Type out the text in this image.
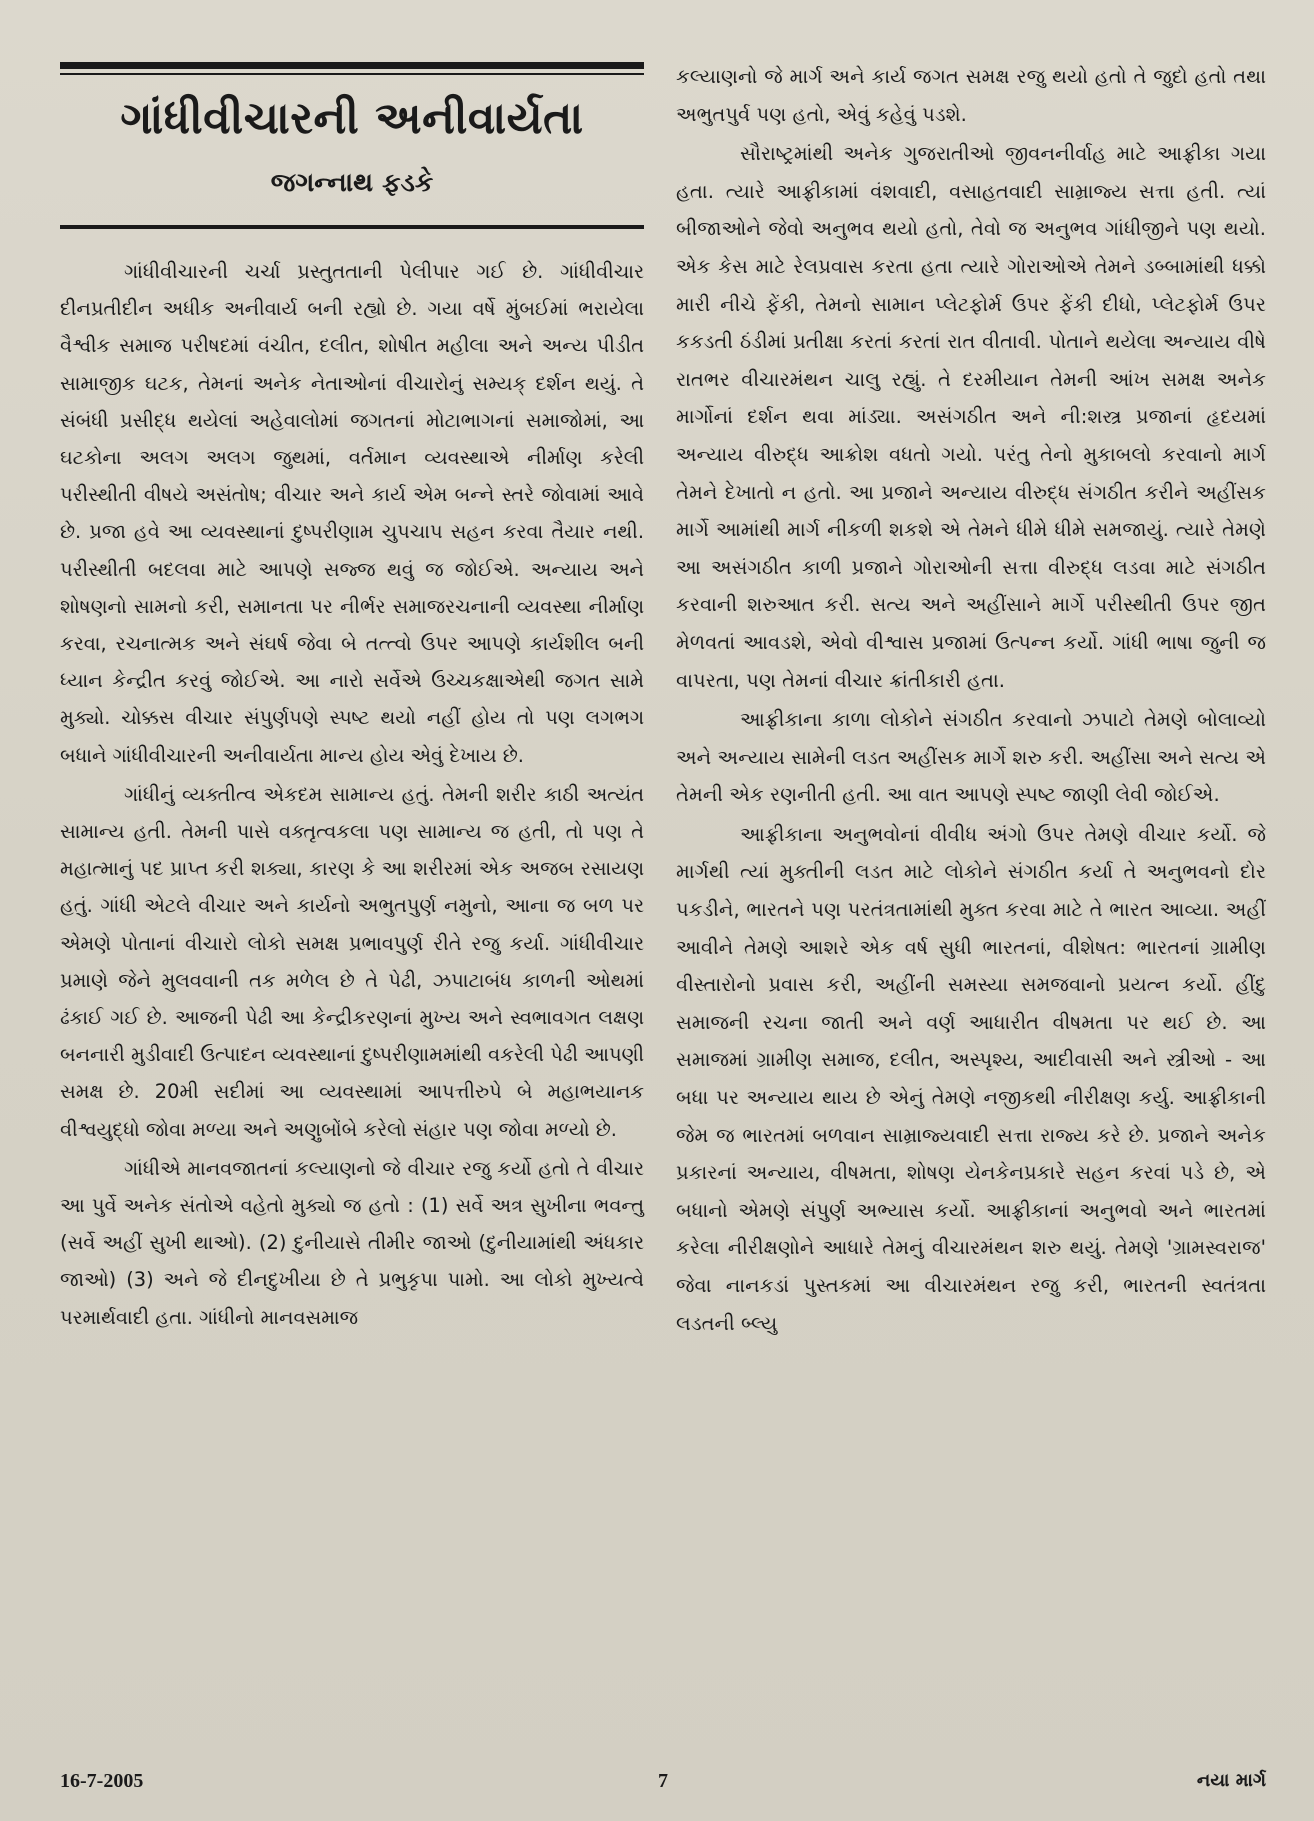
ગાંધીવીચારની અનીવાર્યતા
જગન્નાથ ફડકે

ગાંધીવીચારની ચર્ચા પ્રસ્તુતતાની પેલીપાર ગઈ છે. ગાંધીવીચાર દીનપ્રતીદીન અધીક અનીવાર્ય બની રહ્યો છે. ગયા વર્ષે મુંબઈમાં ભરાયેલા વૈશ્વીક સમાજ પરીષદમાં વંચીત, દલીત, શોષીત મહીલા અને અન્ય પીડીત સામાજીક ઘટક, તેમનાં અનેક નેતાઓનાં વીચારોનું સમ્યક્ દર્શન થયું. તે સંબંધી પ્રસીદ્ધ થયેલાં અહેવાલોમાં જગતનાં મોટાભાગનાં સમાજોમાં, આ ઘટકોના અલગ અલગ જુથમાં, વર્તમાન વ્યવસ્થાએ નીર્માણ કરેલી પરીસ્થીતી વીષયે અસંતોષ; વીચાર અને કાર્ય એમ બન્ને સ્તરે જોવામાં આવે છે. પ્રજા હવે આ વ્યવસ્થાનાં દુષ્પરીણામ ચુપચાપ સહન કરવા તૈયાર નથી. પરીસ્થીતી બદલવા માટે આપણે સજ્જ થવું જ જોઈએ. અન્યાય અને શોષણનો સામનો કરી, સમાનતા પર નીર્ભર સમાજરચનાની વ્યવસ્થા નીર્માણ કરવા, રચનાત્મક અને સંઘર્ષ જેવા બે તત્ત્વો ઉપર આપણે કાર્યશીલ બની ધ્યાન કેન્દ્રીત કરવું જોઈએ. આ નારો સર્વેએ ઉચ્ચકક્ષાએથી જગત સામે મુક્યો. ચોક્કસ વીચાર સંપુર્ણપણે સ્પષ્ટ થયો નહીં હોય તો પણ લગભગ બધાને ગાંધીવીચારની અનીવાર્યતા માન્ય હોય એવું દેખાય છે.

ગાંધીનું વ્યક્તીત્વ એકદમ સામાન્ય હતું. તેમની શરીર કાઠી અત્યંત સામાન્ય હતી. તેમની પાસે વક્તૃત્વકલા પણ સામાન્ય જ હતી, તો પણ તે મહાત્માનું પદ પ્રાપ્ત કરી શક્યા, કારણ કે આ શરીરમાં એક અજબ રસાયણ હતું. ગાંધી એટલે વીચાર અને કાર્યનો અભુતપુર્ણ નમુનો, આના જ બળ પર એમણે પોતાનાં વીચારો લોકો સમક્ષ પ્રભાવપુર્ણ રીતે રજુ કર્યા. ગાંધીવીચાર પ્રમાણે જેને મુલવવાની તક મળેલ છે તે પેઢી, ઝપાટાબંધ કાળની ઓથમાં ઢંકાઈ ગઈ છે. આજની પેઢી આ કેન્દ્રીકરણનાં મુખ્ય અને સ્વભાવગત લક્ષણ બનનારી મુડીવાદી ઉત્પાદન વ્યવસ્થાનાં દુષ્પરીણામમાંથી વકરેલી પેઢી આપણી સમક્ષ છે. 20મી સદીમાં આ વ્યવસ્થામાં આપત્તીરુપે બે મહાભયાનક વીશ્વયુદ્ધો જોવા મળ્યા અને અણુબોંબે કરેલો સંહાર પણ જોવા મળ્યો છે.

ગાંધીએ માનવજાતનાં કલ્યાણનો જે વીચાર રજુ કર્યો હતો તે વીચાર આ પુર્વે અનેક સંતોએ વહેતો મુક્યો જ હતો : (1) સર્વે અત્ર સુખીના ભવન્તુ (સર્વે અહીં સુખી થાઓ). (2) દુનીયાસે તીમીર જાઓ (દુનીયામાંથી અંધકાર જાઓ) (3) અને જે દીનદુખીયા છે તે પ્રભુકૃપા પામો. આ લોકો મુખ્યત્વે પરમાર્થવાદી હતા. ગાંધીનો માનવસમાજ

કલ્યાણનો જે માર્ગ અને કાર્ય જગત સમક્ષ રજુ થયો હતો તે જુદો હતો તથા અભુતપુર્વ પણ હતો, એવું કહેવું પડશે.

સૌરાષ્ટ્રમાંથી અનેક ગુજરાતીઓ જીવનનીર્વાહ માટે આફ્રીકા ગયા હતા. ત્યારે આફ્રીકામાં વંશવાદી, વસાહતવાદી સામ્રાજ્ય સત્તા હતી. ત્યાં બીજાઓને જેવો અનુભવ થયો હતો, તેવો જ અનુભવ ગાંધીજીને પણ થયો. એક કેસ માટે રેલપ્રવાસ કરતા હતા ત્યારે ગોરાઓએ તેમને ડબ્બામાંથી ધક્કો મારી નીચે ફેંકી, તેમનો સામાન પ્લેટફોર્મ ઉપર ફેંકી દીધો, પ્લેટફોર્મ ઉપર કકડતી ઠંડીમાં પ્રતીક્ષા કરતાં કરતાં રાત વીતાવી. પોતાને થયેલા અન્યાય વીષે રાતભર વીચારમંથન ચાલુ રહ્યું. તે દરમીયાન તેમની આંખ સમક્ષ અનેક માર્ગોનાં દર્શન થવા માંડ્યા. અસંગઠીત અને ની:શસ્ત્ર પ્રજાનાં હૃદયમાં અન્યાય વીરુદ્ધ આક્રોશ વધતો ગયો. પરંતુ તેનો મુકાબલો કરવાનો માર્ગ તેમને દેખાતો ન હતો. આ પ્રજાને અન્યાય વીરુદ્ધ સંગઠીત કરીને અહીંસક માર્ગે આમાંથી માર્ગ નીકળી શકશે એ તેમને ધીમે ધીમે સમજાયું. ત્યારે તેમણે આ અસંગઠીત કાળી પ્રજાને ગોરાઓની સત્તા વીરુદ્ધ લડવા માટે સંગઠીત કરવાની શરુઆત કરી. સત્ય અને અહીંસાને માર્ગે પરીસ્થીતી ઉપર જીત મેળવતાં આવડશે, એવો વીશ્વાસ પ્રજામાં ઉત્પન્ન કર્યો. ગાંધી ભાષા જુની જ વાપરતા, પણ તેમનાં વીચાર ક્રાંતીકારી હતા.

આફ્રીકાના કાળા લોકોને સંગઠીત કરવાનો ઝપાટો તેમણે બોલાવ્યો અને અન્યાય સામેની લડત અહીંસક માર્ગે શરુ કરી. અહીંસા અને સત્ય એ તેમની એક રણનીતી હતી. આ વાત આપણે સ્પષ્ટ જાણી લેવી જોઈએ.

આફ્રીકાના અનુભવોનાં વીવીધ અંગો ઉપર તેમણે વીચાર કર્યો. જે માર્ગથી ત્યાં મુક્તીની લડત માટે લોકોને સંગઠીત કર્યા તે અનુભવનો દોર પકડીને, ભારતને પણ પરતંત્રતામાંથી મુક્ત કરવા માટે તે ભારત આવ્યા. અહીં આવીને તેમણે આશરે એક વર્ષ સુધી ભારતનાં, વીશેષત: ભારતનાં ગ્રામીણ વીસ્તારોનો પ્રવાસ કરી, અહીંની સમસ્યા સમજવાનો પ્રયત્ન કર્યો. હીંદુ સમાજની રચના જાતી અને વર્ણ આધારીત વીષમતા પર થઈ છે. આ સમાજમાં ગ્રામીણ સમાજ, દલીત, અસ્પૃશ્ય, આદીવાસી અને સ્ત્રીઓ - આ બધા પર અન્યાય થાય છે એનું તેમણે નજીકથી નીરીક્ષણ કર્યુ. આફ્રીકાની જેમ જ ભારતમાં બળવાન સામ્રાજ્યવાદી સત્તા રાજ્ય કરે છે. પ્રજાને અનેક પ્રકારનાં અન્યાય, વીષમતા, શોષણ યેનકેનપ્રકારે સહન કરવાં પડે છે, એ બધાનો એમણે સંપુર્ણ અભ્યાસ કર્યો. આફ્રીકાનાં અનુભવો અને ભારતમાં કરેલા નીરીક્ષણોને આધારે તેમનું વીચારમંથન શરુ થયું. તેમણે 'ગ્રામસ્વરાજ' જેવા નાનકડાં પુસ્તકમાં આ વીચારમંથન રજુ કરી, ભારતની સ્વતંત્રતા લડતની બ્લ્યુ

16-7-2005	7	નયા માર્ગ
